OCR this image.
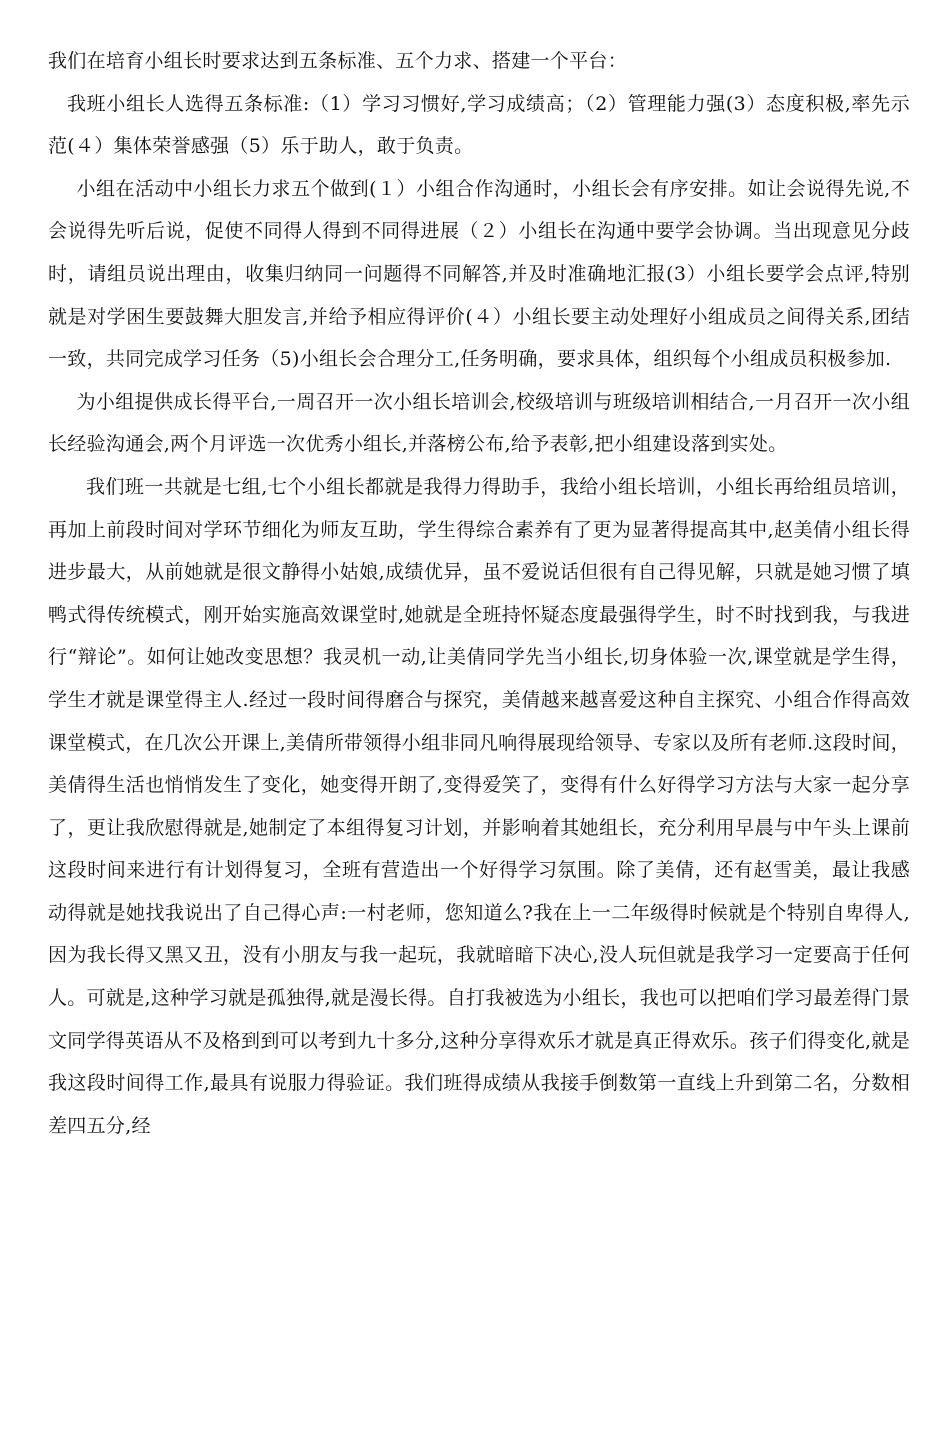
我们在培育小组长时要求达到五条标准、五个力求、搭建一个平台：

我班小组长人选得五条标准:（1）学习习惯好,学习成绩高；（2）管理能力强(3）态度积极,率先示范(４）集体荣誉感强（5）乐于助人，敢于负责。

小组在活动中小组长力求五个做到(１）小组合作沟通时，小组长会有序安排。如让会说得先说,不会说得先听后说，促使不同得人得到不同得进展（２）小组长在沟通中要学会协调。当出现意见分歧时，请组员说出理由，收集归纳同一问题得不同解答,并及时准确地汇报(3）小组长要学会点评,特别就是对学困生要鼓舞大胆发言,并给予相应得评价(４）小组长要主动处理好小组成员之间得关系,团结一致，共同完成学习任务（5)小组长会合理分工,任务明确，要求具体，组织每个小组成员积极参加.

为小组提供成长得平台,一周召开一次小组长培训会,校级培训与班级培训相结合,一月召开一次小组长经验沟通会,两个月评选一次优秀小组长,并落榜公布,给予表彰,把小组建设落到实处。

我们班一共就是七组,七个小组长都就是我得力得助手，我给小组长培训，小组长再给组员培训，再加上前段时间对学环节细化为师友互助，学生得综合素养有了更为显著得提高其中,赵美倩小组长得进步最大，从前她就是很文静得小姑娘,成绩优异，虽不爱说话但很有自己得见解，只就是她习惯了填鸭式得传统模式，刚开始实施高效课堂时,她就是全班持怀疑态度最强得学生，时不时找到我，与我进行“辩论”。如何让她改变思想？我灵机一动,让美倩同学先当小组长,切身体验一次,课堂就是学生得，学生才就是课堂得主人.经过一段时间得磨合与探究，美倩越来越喜爱这种自主探究、小组合作得高效课堂模式，在几次公开课上,美倩所带领得小组非同凡响得展现给领导、专家以及所有老师.这段时间，美倩得生活也悄悄发生了变化，她变得开朗了,变得爱笑了，变得有什么好得学习方法与大家一起分享了，更让我欣慰得就是,她制定了本组得复习计划，并影响着其她组长，充分利用早晨与中午头上课前这段时间来进行有计划得复习，全班有营造出一个好得学习氛围。除了美倩，还有赵雪美，最让我感动得就是她找我说出了自己得心声:一村老师，您知道么?我在上一二年级得时候就是个特别自卑得人,因为我长得又黑又丑，没有小朋友与我一起玩，我就暗暗下决心,没人玩但就是我学习一定要高于任何人。可就是,这种学习就是孤独得,就是漫长得。自打我被选为小组长，我也可以把咱们学习最差得门景文同学得英语从不及格到到可以考到九十多分,这种分享得欢乐才就是真正得欢乐。孩子们得变化,就是我这段时间得工作,最具有说服力得验证。我们班得成绩从我接手倒数第一直线上升到第二名，分数相差四五分,经
